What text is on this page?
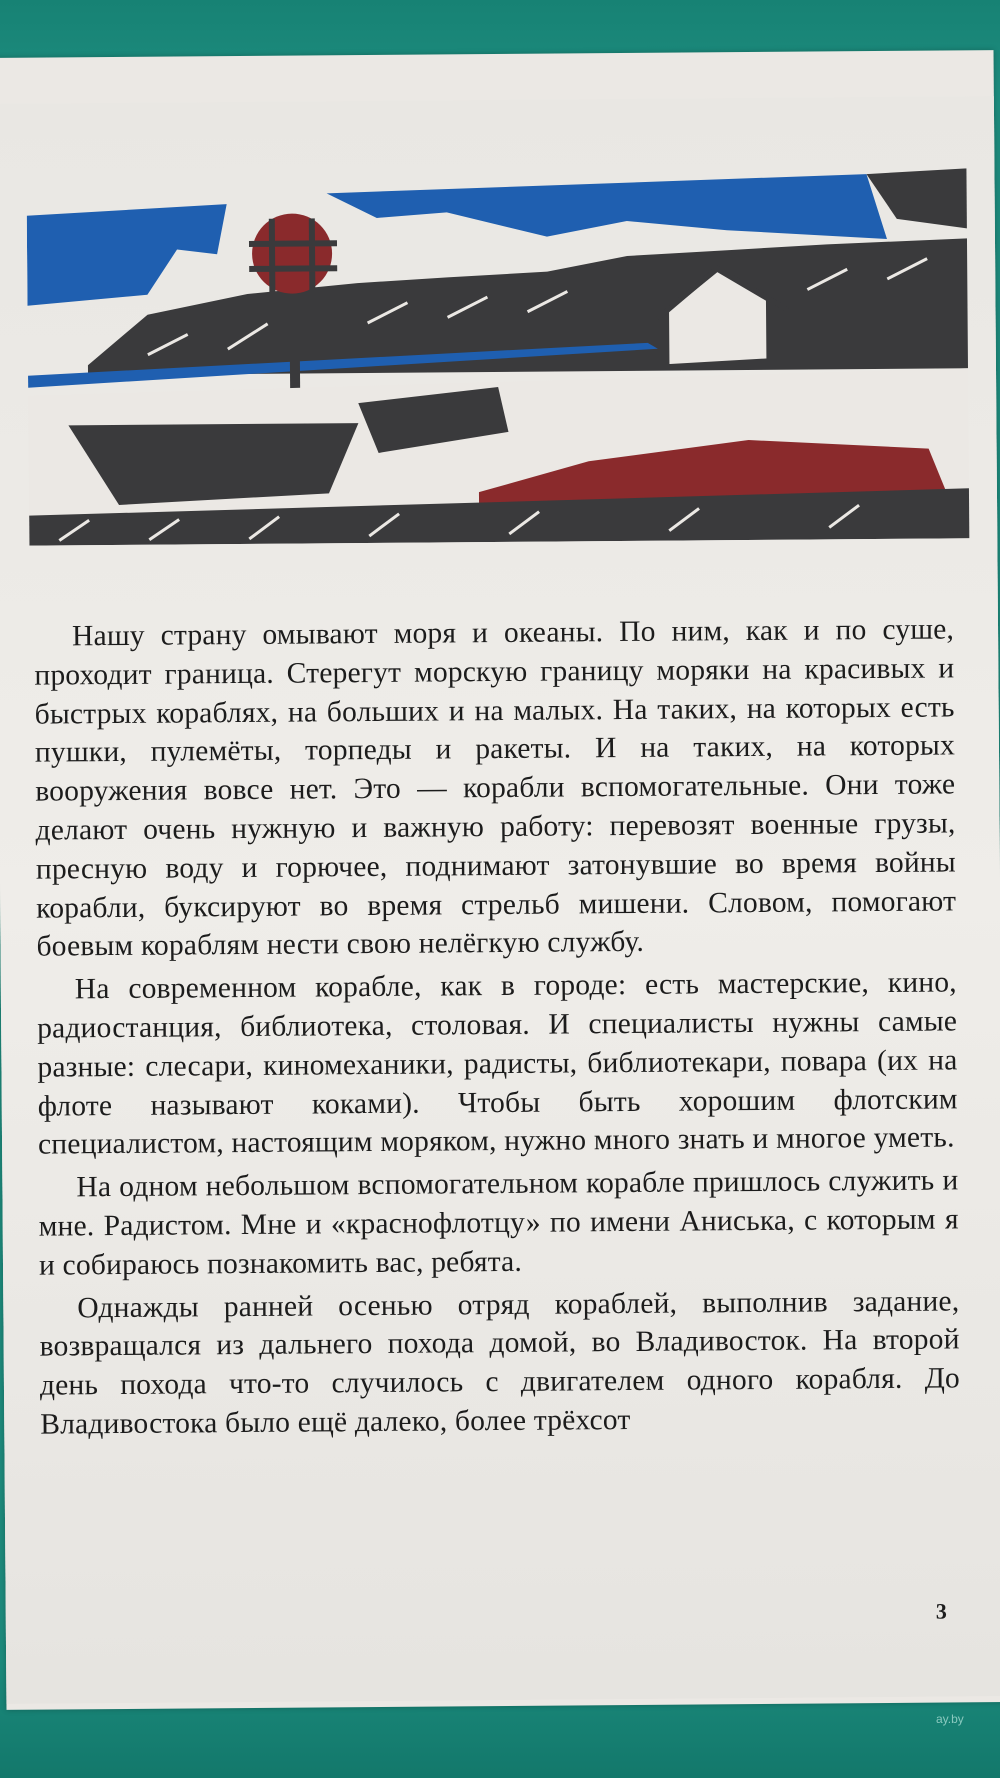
Нашу страну омывают моря и океаны. По ним, как и по суше, проходит граница. Стерегут морскую границу моряки на красивых и быстрых кораблях, на больших и на малых. На таких, на которых есть пушки, пулемёты, торпеды и ракеты. И на таких, на которых вооружения вовсе нет. Это — корабли вспомогательные. Они тоже делают очень нужную и важную работу: перевозят военные грузы, пресную воду и горючее, поднимают затонувшие во время войны корабли, буксируют во время стрельб мишени. Словом, помогают боевым кораблям нести свою нелёгкую службу.

На современном корабле, как в городе: есть мастерские, кино, радиостанция, библиотека, столовая. И специалисты нужны самые разные: слесари, киномеханики, радисты, библиотекари, повара (их на флоте называют коками). Чтобы быть хорошим флотским специалистом, настоящим моряком, нужно много знать и многое уметь.

На одном небольшом вспомогательном корабле пришлось служить и мне. Радистом. Мне и «краснофлотцу» по имени Аниська, с которым я и собираюсь познакомить вас, ребята.

Однажды ранней осенью отряд кораблей, выполнив задание, возвращался из дальнего похода домой, во Владивосток. На второй день похода что-то случилось с двигателем одного корабля. До Владивостока было ещё далеко, более трёхсот

3
ay.by
